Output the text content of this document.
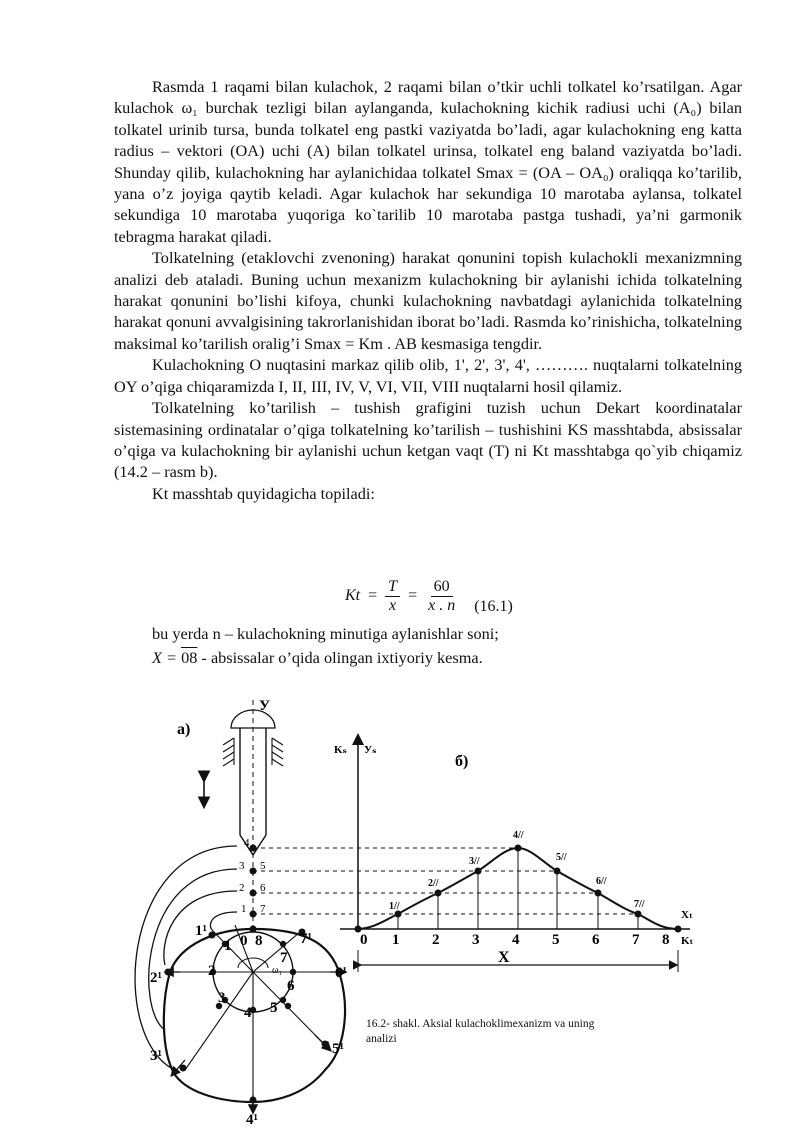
Rasmda 1 raqami bilan kulachok, 2 raqami bilan o’tkir uchli tolkatel ko’rsatilgan. Agar kulachok ω₁ burchak tezligi bilan aylanganda, kulachokning kichik radiusi uchi (A₀) bilan tolkatel urinib tursa, bunda tolkatel eng pastki vaziyatda bo’ladi, agar kulachokning eng katta radius – vektori (OA) uchi (A) bilan tolkatel urinsa, tolkatel eng baland vaziyatda bo’ladi. Shunday qilib, kulachokning har aylanichidaa tolkatel Smax = (OA – OA₀) oraliqqa ko’tarilib, yana o’z joyiga qaytib keladi. Agar kulachok har sekundiga 10 marotaba aylansa, tolkatel sekundiga 10 marotaba yuqoriga ko`tarilib 10 marotaba pastga tushadi, ya’ni garmonik tebragma harakat qiladi.

Tolkatelning (etaklovchi zvenoning) harakat qonunini topish kulachokli mexanizmning analizi deb ataladi. Buning uchun mexanizm kulachokning bir aylanishi ichida tolkatelning harakat qonunini bo’lishi kifoya, chunki kulachokning navbatdagi aylanichida tolkatelning harakat qonuni avvalgisining takrorlanishidan iborat bo’ladi. Rasmda ko’rinishicha, tolkatelning maksimal ko’tarilish oralig’i Smax = Km . AB kesmasiga tengdir.

Kulachokning O nuqtasini markaz qilib olib, 1', 2', 3', 4', ………. nuqtalarni tolkatelning OY o’qiga chiqaramizda I, II, III, IV, V, VI, VII, VIII nuqtalarni hosil qilamiz.

Tolkatelning ko’tarilish – tushish grafigini tuzish uchun Dekart koordinatalar sistemasining ordinatalar o’qiga tolkatelning ko’tarilish – tushishini KS masshtabda, absissalar o’qiga va kulachokning bir aylanishi uchun ketgan vaqt (T) ni Kt masshtabga qo`yib chiqamiz (14.2 – rasm b).

Kt masshtab quyidagicha topiladi:

$Kt = \frac{T}{x} = \frac{60}{x . n} (16.1)$
bu yerda n – kulachokning minutiga aylanishlar soni;
X = 08 - absissalar o’qida olingan ixtiyoriy kesma.
a)
У
4
3 5
2 6
1 7
ω₁
0 8
1
2
3
4 5
6
7
1¹
2¹
3¹
4¹
5¹
6¹
7¹
б)
Kₛ Уₛ
Xₜ
Kₜ
1//
2//
3//
4//
5//
6//
7//
0 1 2 3 4 5 6 7 8
X
16.2- shakl. Aksial kulachoklimexanizm va uning analizi
